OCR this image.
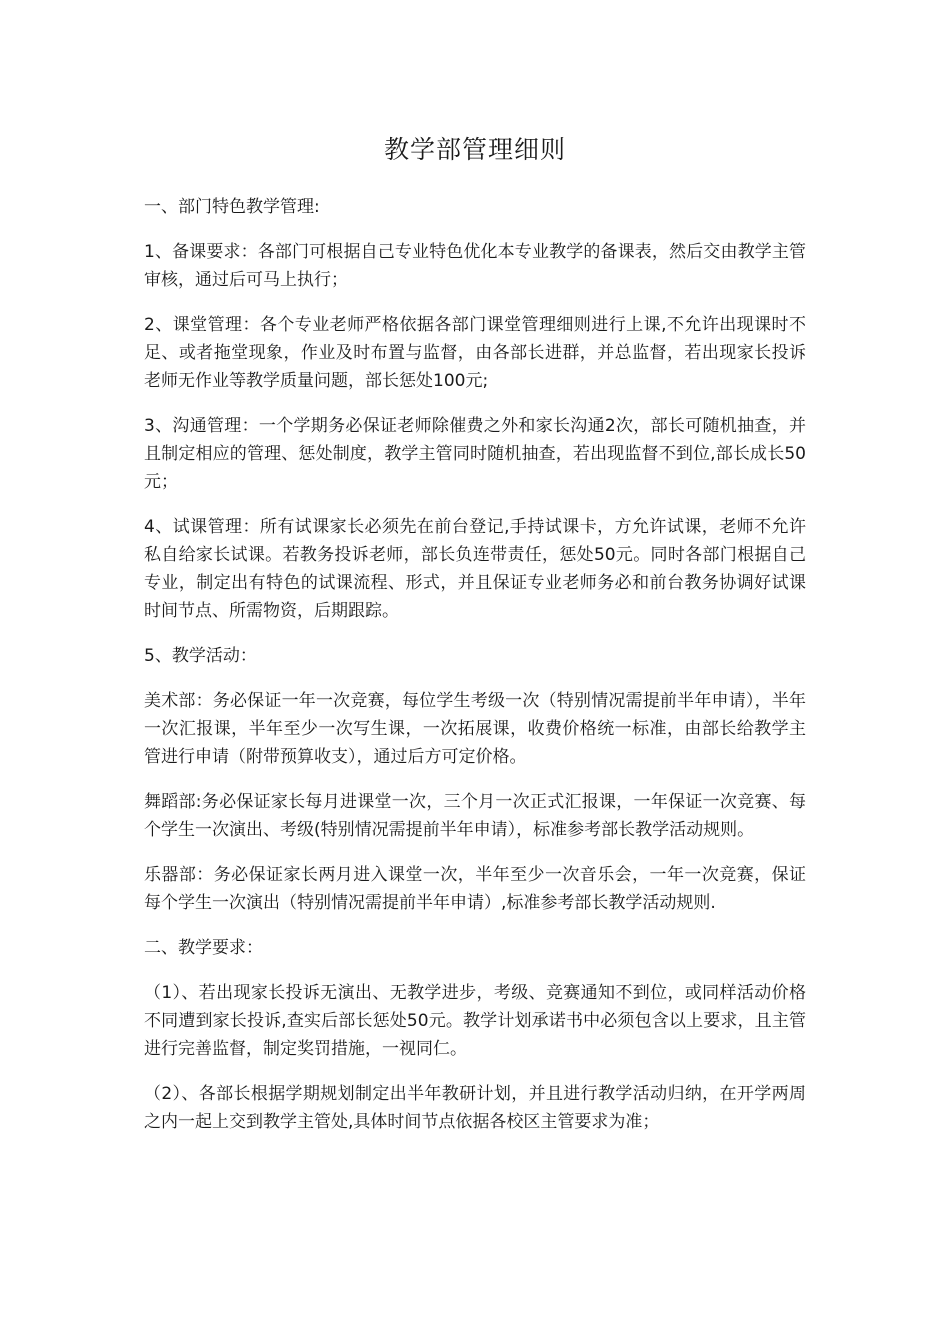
教学部管理细则

一、部门特色教学管理:

1、备课要求：各部门可根据自己专业特色优化本专业教学的备课表，然后交由教学主管审核，通过后可马上执行；

2、课堂管理：各个专业老师严格依据各部门课堂管理细则进行上课,不允许出现课时不足、或者拖堂现象，作业及时布置与监督，由各部长进群，并总监督，若出现家长投诉老师无作业等教学质量问题，部长惩处100元;

3、沟通管理：一个学期务必保证老师除催费之外和家长沟通2次，部长可随机抽查，并且制定相应的管理、惩处制度，教学主管同时随机抽查，若出现监督不到位,部长成长50元；

4、试课管理：所有试课家长必须先在前台登记,手持试课卡，方允许试课，老师不允许私自给家长试课。若教务投诉老师，部长负连带责任，惩处50元。同时各部门根据自己专业，制定出有特色的试课流程、形式，并且保证专业老师务必和前台教务协调好试课时间节点、所需物资，后期跟踪。

5、教学活动：

美术部：务必保证一年一次竞赛，每位学生考级一次（特别情况需提前半年申请），半年一次汇报课，半年至少一次写生课，一次拓展课，收费价格统一标准，由部长给教学主管进行申请（附带预算收支），通过后方可定价格。

舞蹈部:务必保证家长每月进课堂一次，三个月一次正式汇报课，一年保证一次竞赛、每个学生一次演出、考级(特别情况需提前半年申请），标准参考部长教学活动规则。

乐器部：务必保证家长两月进入课堂一次，半年至少一次音乐会，一年一次竞赛，保证每个学生一次演出（特别情况需提前半年申请）,标准参考部长教学活动规则.

二、教学要求：

（1）、若出现家长投诉无演出、无教学进步，考级、竞赛通知不到位，或同样活动价格不同遭到家长投诉,查实后部长惩处50元。教学计划承诺书中必须包含以上要求，且主管进行完善监督，制定奖罚措施，一视同仁。

（2）、各部长根据学期规划制定出半年教研计划，并且进行教学活动归纳，在开学两周之内一起上交到教学主管处,具体时间节点依据各校区主管要求为准；
